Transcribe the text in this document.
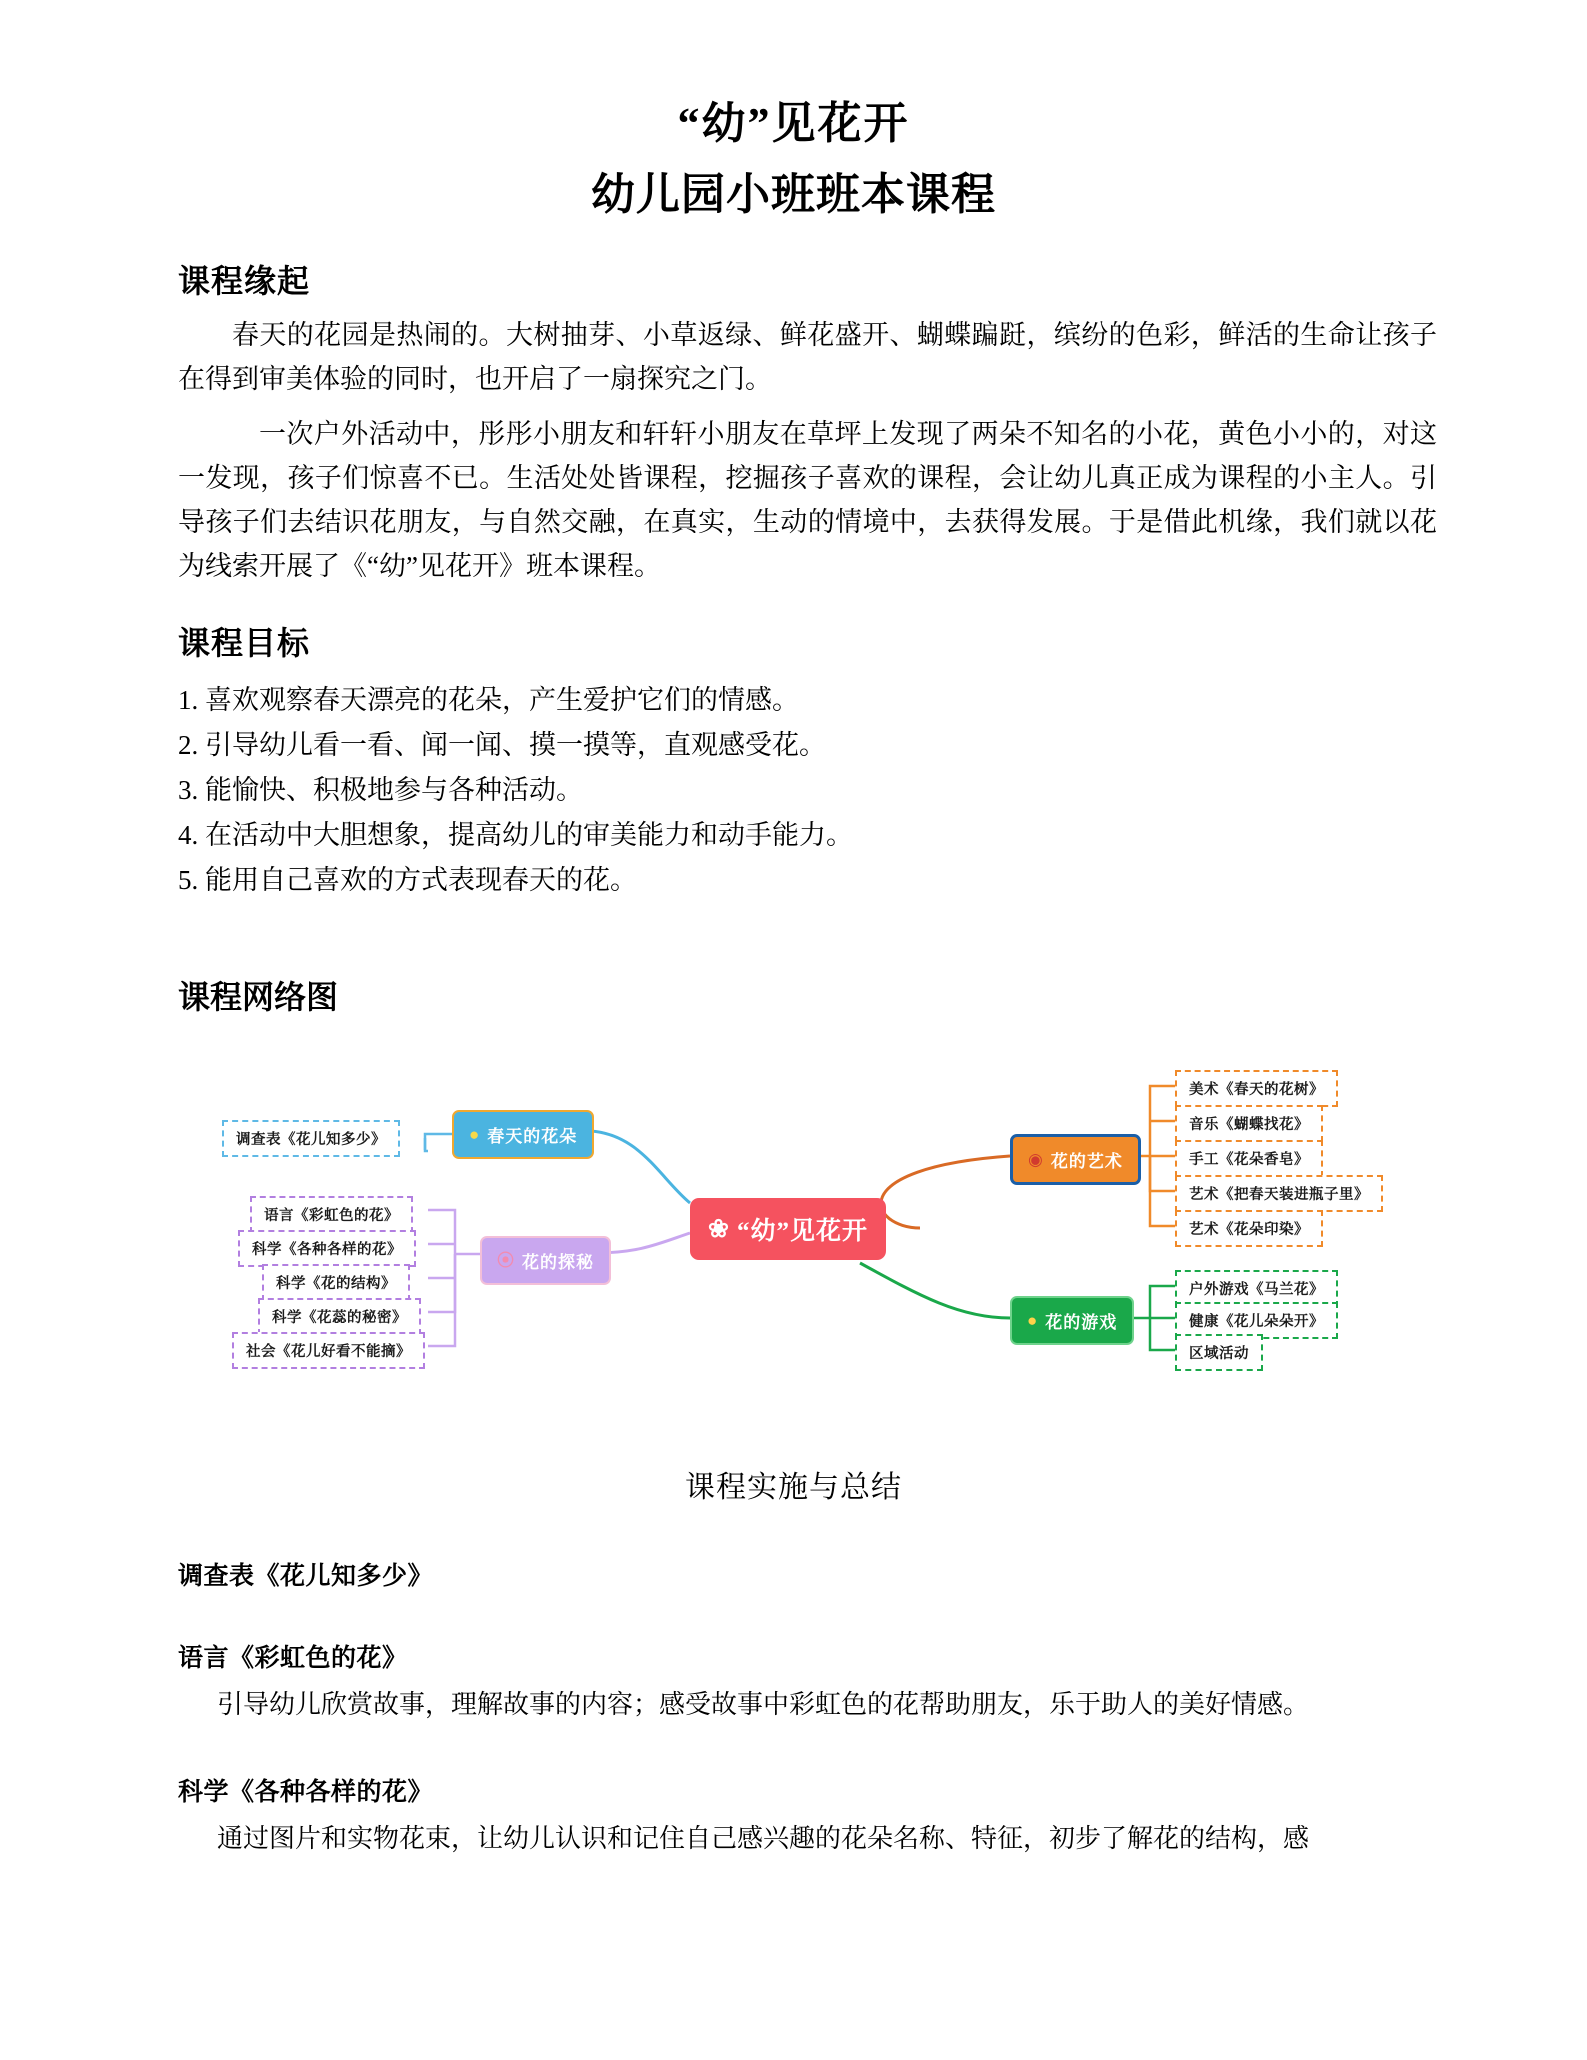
“幼”见花开
幼儿园小班班本课程
课程缘起

春天的花园是热闹的。大树抽芽、小草返绿、鲜花盛开、蝴蝶蹁跹，缤纷的色彩，鲜活的生命让孩子在得到审美体验的同时，也开启了一扇探究之门。

一次户外活动中，彤彤小朋友和轩轩小朋友在草坪上发现了两朵不知名的小花，黄色小小的，对这一发现，孩子们惊喜不已。生活处处皆课程，挖掘孩子喜欢的课程，会让幼儿真正成为课程的小主人。引导孩子们去结识花朋友，与自然交融，在真实，生动的情境中，去获得发展。于是借此机缘，我们就以花为线索开展了《“幼”见花开》班本课程。

课程目标
1. 喜欢观察春天漂亮的花朵，产生爱护它们的情感。
2. 引导幼儿看一看、闻一闻、摸一摸等，直观感受花。
3. 能愉快、积极地参与各种活动。
4. 在活动中大胆想象，提高幼儿的审美能力和动手能力。
5. 能用自己喜欢的方式表现春天的花。
课程网络图
❀ “幼”见花开
● 春天的花朵
调查表《花儿知多少》
⦿ 花的探秘
语言《彩虹色的花》
科学《各种各样的花》
科学《花的结构》
科学《花蕊的秘密》
社会《花儿好看不能摘》
◉ 花的艺术
美术《春天的花树》
音乐《蝴蝶找花》
手工《花朵香皂》
艺术《把春天装进瓶子里》
艺术《花朵印染》
● 花的游戏
户外游戏《马兰花》
健康《花儿朵朵开》
区域活动
课程实施与总结
调查表《花儿知多少》
语言《彩虹色的花》

引导幼儿欣赏故事，理解故事的内容；感受故事中彩虹色的花帮助朋友，乐于助人的美好情感。

科学《各种各样的花》

通过图片和实物花束，让幼儿认识和记住自己感兴趣的花朵名称、特征，初步了解花的结构，感
